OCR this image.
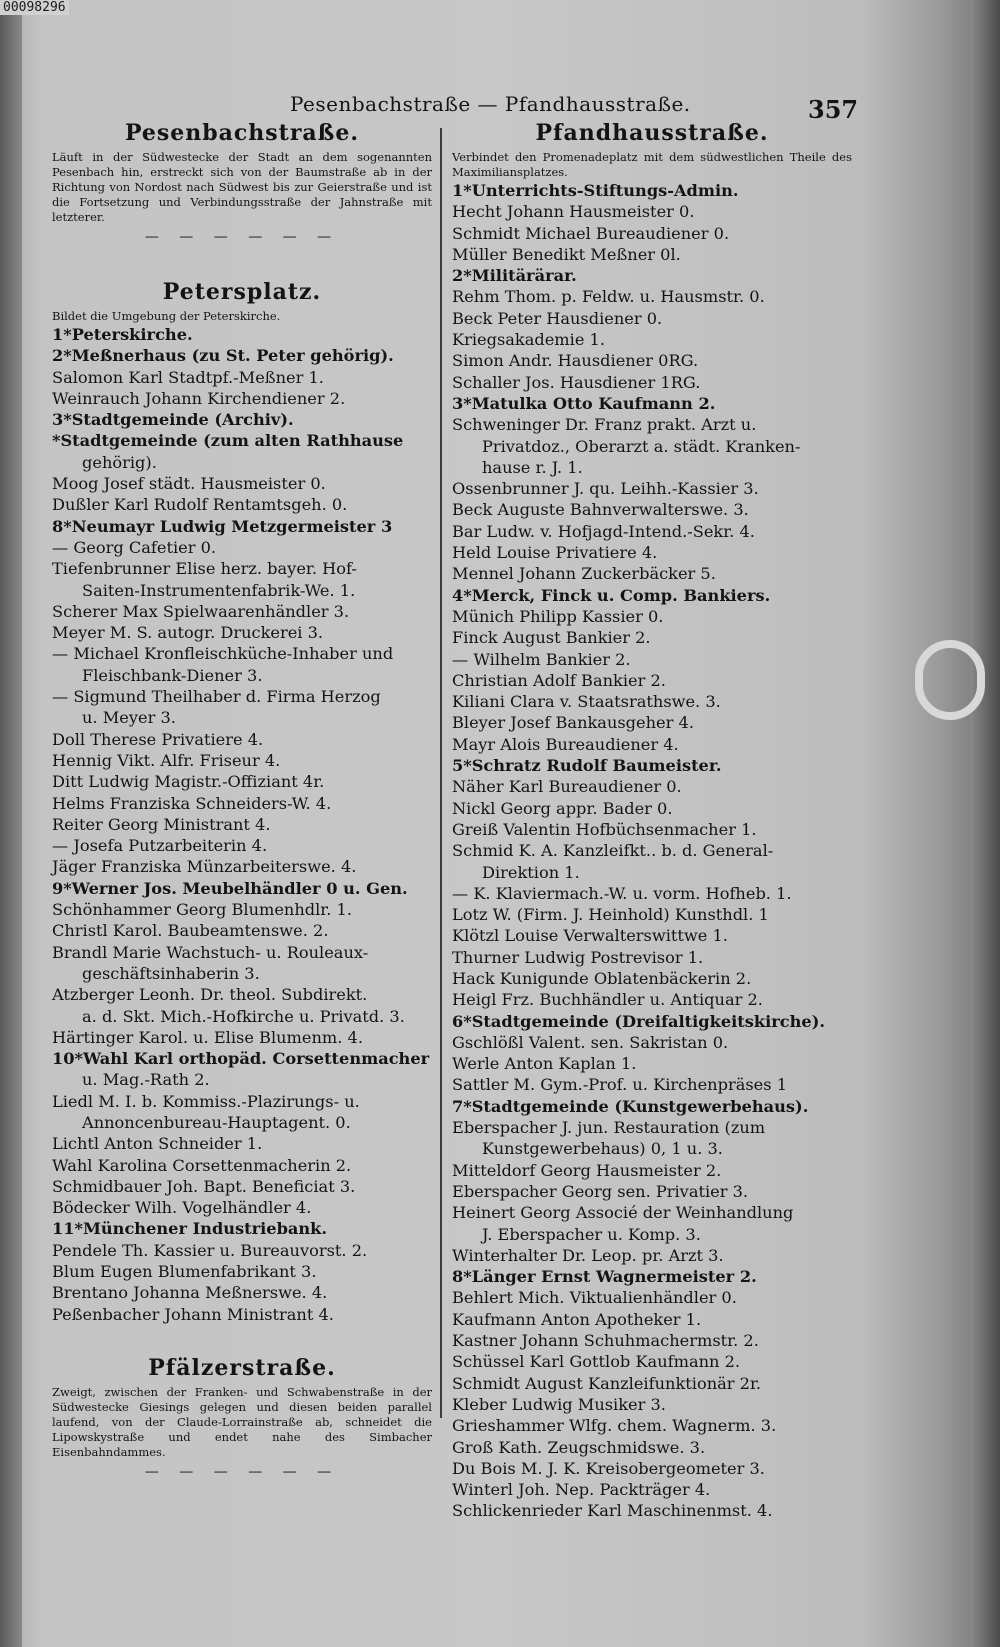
00098296
Pesenbachstraße — Pfandhausstraße.	357
Pesenbachstraße.

Läuft in der Südwestecke der Stadt an dem sogenannten Pesenbach hin, erstreckt sich von der Baumstraße ab in der Richtung von Nordost nach Südwest bis zur Geierstraße und ist die Fortsetzung und Verbindungsstraße der Jahnstraße mit letzterer.

— — — — — —

Petersplatz.

Bildet die Umgebung der Peterskirche.

1*Peterskirche.
2*Meßnerhaus (zu St. Peter gehörig).
Salomon Karl Stadtpf.-Meßner 1.
Weinrauch Johann Kirchendiener 2.
3*Stadtgemeinde (Archiv).
*Stadtgemeinde (zum alten Rathhause
gehörig).
Moog Josef städt. Hausmeister 0.
Dußler Karl Rudolf Rentamtsgeh. 0.
8*Neumayr Ludwig Metzgermeister 3
— Georg Cafetier 0.
Tiefenbrunner Elise herz. bayer. Hof-
Saiten-Instrumentenfabrik-We. 1.
Scherer Max Spielwaarenhändler 3.
Meyer M. S. autogr. Druckerei 3.
— Michael Kronfleischküche-Inhaber und
Fleischbank-Diener 3.
— Sigmund Theilhaber d. Firma Herzog
u. Meyer 3.
Doll Therese Privatiere 4.
Hennig Vikt. Alfr. Friseur 4.
Ditt Ludwig Magistr.-Offiziant 4r.
Helms Franziska Schneiders-W. 4.
Reiter Georg Ministrant 4.
— Josefa Putzarbeiterin 4.
Jäger Franziska Münzarbeiterswe. 4.
9*Werner Jos. Meubelhändler 0 u. Gen.
Schönhammer Georg Blumenhdlr. 1.
Christl Karol. Baubeamtenswe. 2.
Brandl Marie Wachstuch- u. Rouleaux-
geschäftsinhaberin 3.
Atzberger Leonh. Dr. theol. Subdirekt.
a. d. Skt. Mich.-Hofkirche u. Privatd. 3.
Härtinger Karol. u. Elise Blumenm. 4.
10*Wahl Karl orthopäd. Corsettenmacher
u. Mag.-Rath 2.
Liedl M. I. b. Kommiss.-Plazirungs- u.
Annoncenbureau-Hauptagent. 0.
Lichtl Anton Schneider 1.
Wahl Karolina Corsettenmacherin 2.
Schmidbauer Joh. Bapt. Beneficiat 3.
Bödecker Wilh. Vogelhändler 4.
11*Münchener Industriebank.
Pendele Th. Kassier u. Bureauvorst. 2.
Blum Eugen Blumenfabrikant 3.
Brentano Johanna Meßnerswe. 4.
Peßenbacher Johann Ministrant 4.
Pfälzerstraße.

Zweigt, zwischen der Franken- und Schwabenstraße in der Südwestecke Giesings gelegen und diesen beiden parallel laufend, von der Claude-Lorrainstraße ab, schneidet die Lipowskystraße und endet nahe des Simbacher Eisenbahndammes.

— — — — — —

Pfandhausstraße.

Verbindet den Promenadeplatz mit dem südwestlichen Theile des Maximiliansplatzes.

1*Unterrichts-Stiftungs-Admin.
Hecht Johann Hausmeister 0.
Schmidt Michael Bureaudiener 0.
Müller Benedikt Meßner 0l.
2*Militärärar.
Rehm Thom. p. Feldw. u. Hausmstr. 0.
Beck Peter Hausdiener 0.
Kriegsakademie 1.
Simon Andr. Hausdiener 0RG.
Schaller Jos. Hausdiener 1RG.
3*Matulka Otto Kaufmann 2.
Schweninger Dr. Franz prakt. Arzt u.
Privatdoz., Oberarzt a. städt. Kranken-
hause r. J. 1.
Ossenbrunner J. qu. Leihh.-Kassier 3.
Beck Auguste Bahnverwalterswe. 3.
Bar Ludw. v. Hofjagd-Intend.-Sekr. 4.
Held Louise Privatiere 4.
Mennel Johann Zuckerbäcker 5.
4*Merck, Finck u. Comp. Bankiers.
Münich Philipp Kassier 0.
Finck August Bankier 2.
— Wilhelm Bankier 2.
Christian Adolf Bankier 2.
Kiliani Clara v. Staatsrathswe. 3.
Bleyer Josef Bankausgeher 4.
Mayr Alois Bureaudiener 4.
5*Schratz Rudolf Baumeister.
Näher Karl Bureaudiener 0.
Nickl Georg appr. Bader 0.
Greiß Valentin Hofbüchsenmacher 1.
Schmid K. A. Kanzleifkt.. b. d. General-
Direktion 1.
— K. Klaviermach.-W. u. vorm. Hofheb. 1.
Lotz W. (Firm. J. Heinhold) Kunsthdl. 1
Klötzl Louise Verwalterswittwe 1.
Thurner Ludwig Postrevisor 1.
Hack Kunigunde Oblatenbäckerin 2.
Heigl Frz. Buchhändler u. Antiquar 2.
6*Stadtgemeinde (Dreifaltigkeitskirche).
Gschlößl Valent. sen. Sakristan 0.
Werle Anton Kaplan 1.
Sattler M. Gym.-Prof. u. Kirchenpräses 1
7*Stadtgemeinde (Kunstgewerbehaus).
Eberspacher J. jun. Restauration (zum
Kunstgewerbehaus) 0, 1 u. 3.
Mitteldorf Georg Hausmeister 2.
Eberspacher Georg sen. Privatier 3.
Heinert Georg Associé der Weinhandlung
J. Eberspacher u. Komp. 3.
Winterhalter Dr. Leop. pr. Arzt 3.
8*Länger Ernst Wagnermeister 2.
Behlert Mich. Viktualienhändler 0.
Kaufmann Anton Apotheker 1.
Kastner Johann Schuhmachermstr. 2.
Schüssel Karl Gottlob Kaufmann 2.
Schmidt August Kanzleifunktionär 2r.
Kleber Ludwig Musiker 3.
Grieshammer Wlfg. chem. Wagnerm. 3.
Groß Kath. Zeugschmidswe. 3.
Du Bois M. J. K. Kreisobergeometer 3.
Winterl Joh. Nep. Packträger 4.
Schlickenrieder Karl Maschinenmst. 4.
